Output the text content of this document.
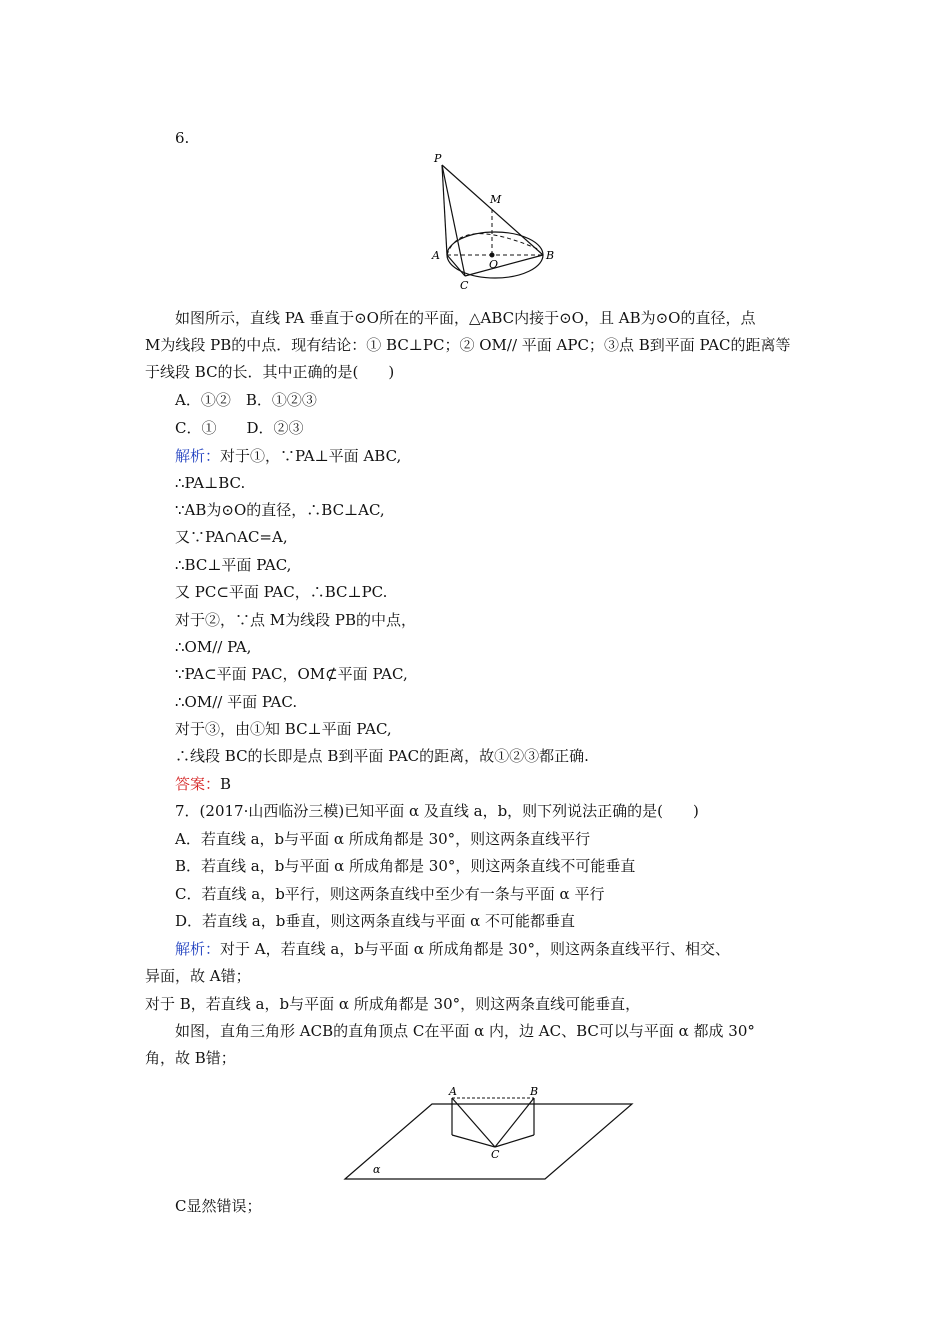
6.
P
M
A
O
B
C
如图所示，直线 PA 垂直于⊙O所在的平面，△ABC内接于⊙O，且 AB为⊙O的直径，点
M为线段 PB的中点．现有结论：① BC⊥PC；② OM// 平面 APC；③点 B到平面 PAC的距离等
于线段 BC的长．其中正确的是(　　)
A．①②　B．①②③
C．①　　D．②③
解析：对于①，∵PA⊥平面 ABC,
∴PA⊥BC.
∵AB为⊙O的直径，∴BC⊥AC,
又∵PA∩AC=A,
∴BC⊥平面 PAC,
又 PC⊂平面 PAC，∴BC⊥PC.
对于②，∵点 M为线段 PB的中点，
∴OM// PA,
∵PA⊂平面 PAC，OM⊄平面 PAC,
∴OM// 平面 PAC.
对于③，由①知 BC⊥平面 PAC,
∴线段 BC的长即是点 B到平面 PAC的距离，故①②③都正确.
答案：B
7．(2017·山西临汾三模)已知平面 α 及直线 a，b，则下列说法正确的是(　　)
A．若直线 a，b与平面 α 所成角都是 30°，则这两条直线平行
B．若直线 a，b与平面 α 所成角都是 30°，则这两条直线不可能垂直
C．若直线 a，b平行，则这两条直线中至少有一条与平面 α 平行
D．若直线 a，b垂直，则这两条直线与平面 α 不可能都垂直
解析：对于 A，若直线 a，b与平面 α 所成角都是 30°，则这两条直线平行、相交、
异面，故 A错；
对于 B，若直线 a，b与平面 α 所成角都是 30°，则这两条直线可能垂直，
如图，直角三角形 ACB的直角顶点 C在平面 α 内，边 AC、BC可以与平面 α 都成 30°
角，故 B错；
A	B
C
α
C显然错误；
